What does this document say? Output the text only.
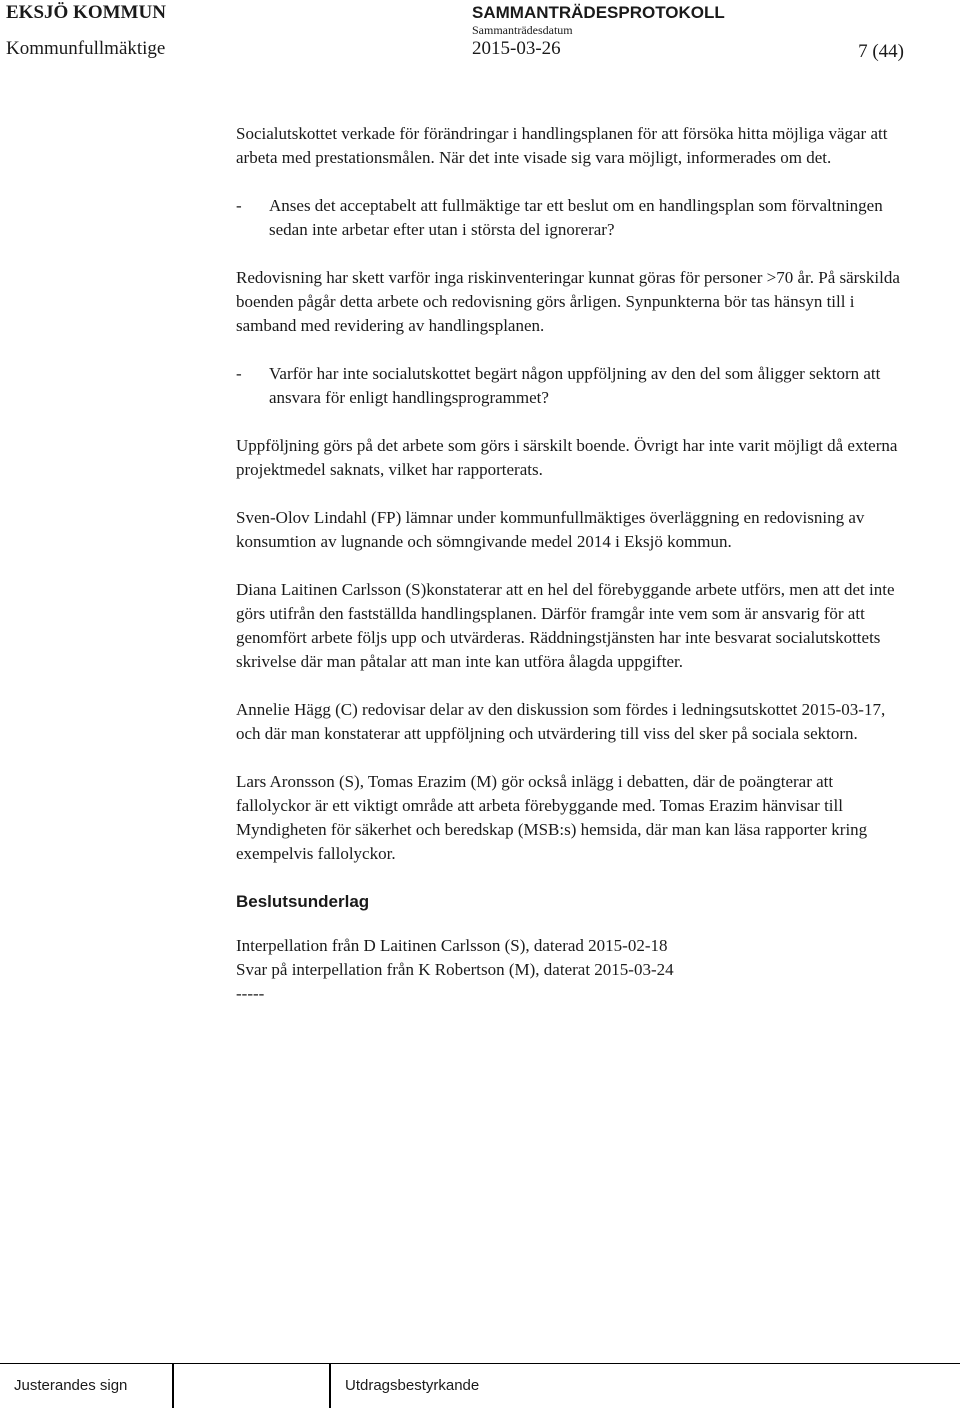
EKSJÖ KOMMUN
Kommunfullmäktige
SAMMANTRÄDESPROTOKOLL
Sammanträdesdatum
2015-03-26	7 (44)

Socialutskottet verkade för förändringar i handlingsplanen för att försöka hitta möjliga vägar att arbeta med prestationsmålen. När det inte visade sig vara möjligt, informerades om det.

-	Anses det acceptabelt att fullmäktige tar ett beslut om en handlingsplan som förvaltningen sedan inte arbetar efter utan i största del ignorerar?

Redovisning har skett varför inga riskinventeringar kunnat göras för personer >70 år. På särskilda boenden pågår detta arbete och redovisning görs årligen. Synpunkterna bör tas hänsyn till i samband med revidering av handlingsplanen.

-	Varför har inte socialutskottet begärt någon uppföljning av den del som åligger sektorn att ansvara för enligt handlingsprogrammet?

Uppföljning görs på det arbete som görs i särskilt boende. Övrigt har inte varit möjligt då externa projektmedel saknats, vilket har rapporterats.

Sven-Olov Lindahl (FP) lämnar under kommunfullmäktiges överläggning en redovisning av konsumtion av lugnande och sömngivande medel 2014 i Eksjö kommun.

Diana Laitinen Carlsson (S)konstaterar att en hel del förebyggande arbete utförs, men att det inte görs utifrån den fastställda handlingsplanen. Därför framgår inte vem som är ansvarig för att genomfört arbete följs upp och utvärderas. Räddningstjänsten har inte besvarat socialutskottets skrivelse där man påtalar att man inte kan utföra ålagda uppgifter.

Annelie Hägg (C) redovisar delar av den diskussion som fördes i ledningsutskottet 2015-03-17, och där man konstaterar att uppföljning och utvärdering till viss del sker på sociala sektorn.

Lars Aronsson (S), Tomas Erazim (M) gör också inlägg i debatten, där de poängterar att fallolyckor är ett viktigt område att arbeta förebyggande med. Tomas Erazim hänvisar till Myndigheten för säkerhet och beredskap (MSB:s) hemsida, där man kan läsa rapporter kring exempelvis fallolyckor.

Beslutsunderlag

Interpellation från D Laitinen Carlsson (S), daterad 2015-02-18

Svar på interpellation från K Robertson (M), daterat 2015-03-24

-----

Justerandes sign	Utdragsbestyrkande
